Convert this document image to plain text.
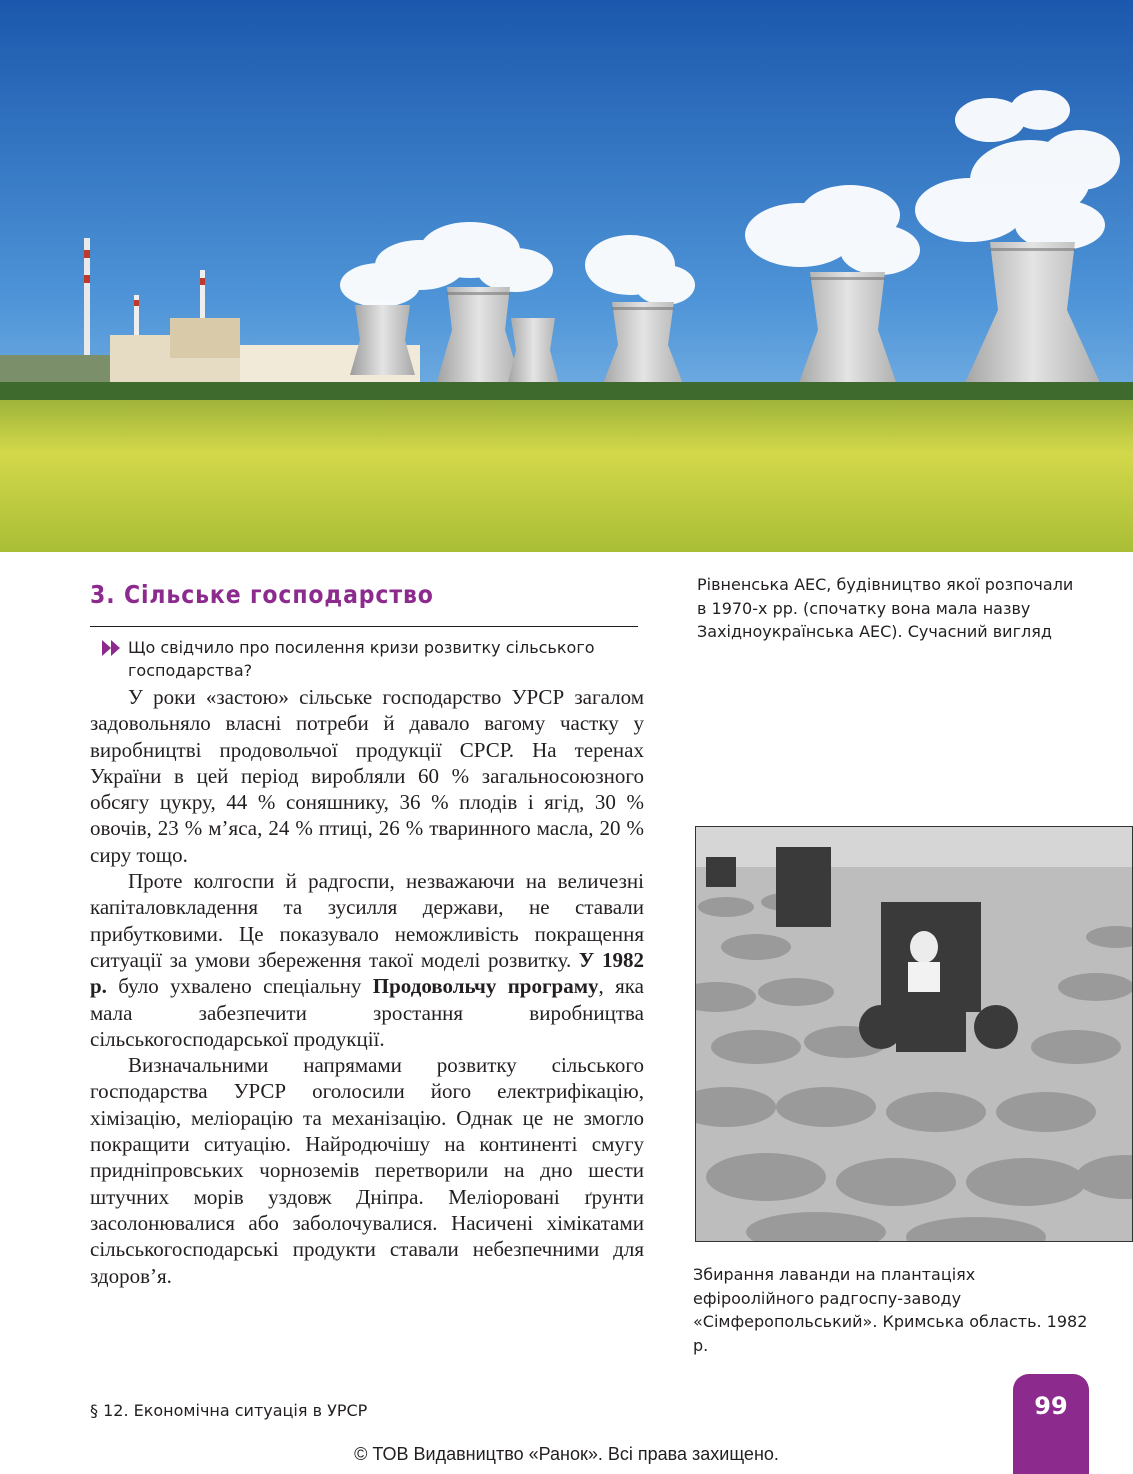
3. Сільське господарство
Що свідчило про посилення кризи розвитку сільського господарства?

У роки «застою» сільське господарство УРСР загалом задовольняло власні потреби й давало вагому частку у виробництві продовольчої продукції СРСР. На теренах України в цей період виробляли 60 % загальносоюзного обсягу цукру, 44 % соняшнику, 36 % плодів і ягід, 30 % овочів, 23 % м’яса, 24 % птиці, 26 % тваринного масла, 20 % сиру тощо.

Проте колгоспи й радгоспи, незважаючи на величезні капіталовкладення та зусилля держави, не ставали прибутковими. Це показувало неможливість покращення ситуації за умови збереження такої моделі розвитку. У 1982 р. було ухвалено спеціальну Продовольчу програму, яка мала забезпечити зростання виробництва сільськогосподарської продукції.

Визначальними напрямами розвитку сільського господарства УРСР оголосили його електрифікацію, хімізацію, меліорацію та механізацію. Однак це не змогло покращити ситуацію. Найродючішу на континенті смугу придніпровських чорноземів перетворили на дно шести штучних морів уздовж Дніпра. Меліоровані ґрунти засолонювалися або заболочувалися. Насичені хімікатами сільськогосподарські продукти ставали небезпечними для здоров’я.

Рівненська АЕС, будівництво якої розпочали в 1970-х рр. (спочатку вона мала назву Західноукраїнська АЕС). Сучасний вигляд
Збирання лаванди на плантаціях ефіроолійного радгоспу-заводу «Сімферопольський». Кримська область. 1982 р.
§ 12. Економічна ситуація в УРСР	99
© ТОВ Видавництво «Ранок». Всі права захищено.
